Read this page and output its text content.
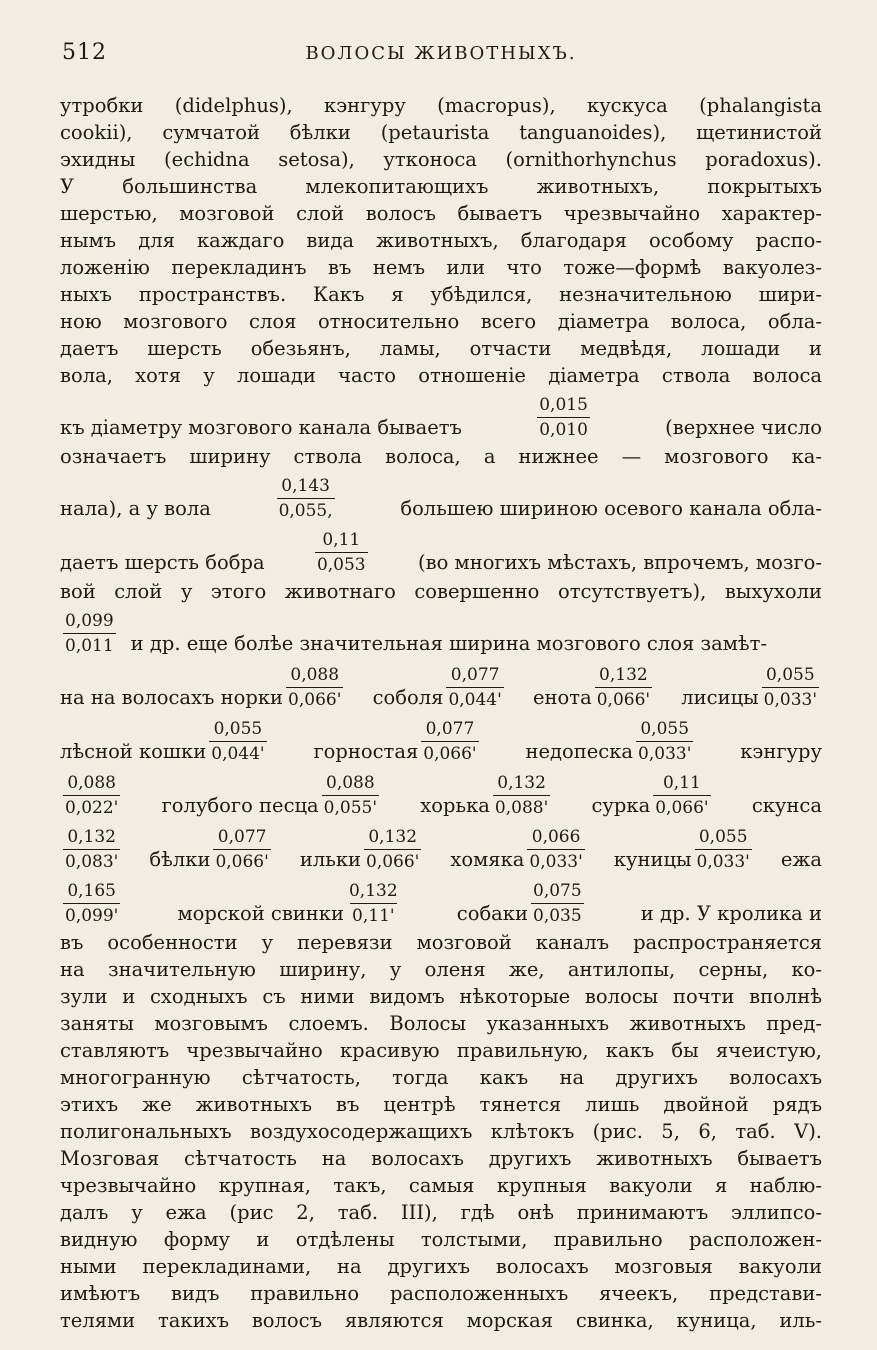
512	ВОЛОСЫ ЖИВОТНЫХЪ.
утробки (didelphus), кэнгуру (macropus), кускуса (phalangista
cookii), сумчатой бѣлки (petaurista tanguanoides), щетинистой
эхидны (echidna setosa), утконоса (ornithorhynchus poradoxus).
У большинства млекопитающихъ животныхъ, покрытыхъ
шерстью, мозговой слой волосъ бываетъ чрезвычайно характер-
нымъ для каждаго вида животныхъ, благодаря особому распо-
ложенію перекладинъ въ немъ или что тоже—формѣ вакуолез-
ныхъ пространствъ. Какъ я убѣдился, незначительною шири-
ною мозгового слоя относительно всего діаметра волоса, обла-
даетъ шерсть обезьянъ, ламы, отчасти медвѣдя, лошади и
вола, хотя у лошади часто отношеніе діаметра ствола волоса
къ діаметру мозгового канала бываетъ	$\frac{0,015}{0,010}$	(верхнее число
означаетъ ширину ствола волоса, а нижнее — мозгового ка-
нала), а у вола	$\frac{0,143}{0,055,}$	большею шириною осевого канала обла-
даетъ шерсть бобра	$\frac{0,11}{0,053}$	(во многихъ мѣстахъ, впрочемъ, мозго-
вой слой у этого животнаго совершенно отсутствуетъ), выхухоли
$\frac{0,099}{0,011}$ и др. еще болѣе значительная ширина мозгового слоя замѣт-
на на волосахъ норки $\frac{0,088}{0,066'}$ соболя $\frac{0,077}{0,044'}$ енота $\frac{0,132}{0,066'}$ лисицы $\frac{0,055}{0,033'}$
лѣсной кошки $\frac{0,055}{0,044'}$ горностая $\frac{0,077}{0,066'}$ недопеска $\frac{0,055}{0,033'}$ кэнгуру
$\frac{0,088}{0,022'}$ голубого песца $\frac{0,088}{0,055'}$ хорька $\frac{0,132}{0,088'}$ сурка $\frac{0,11}{0,066'}$ скунса
$\frac{0,132}{0,083'}$ бѣлки $\frac{0,077}{0,066'}$ ильки $\frac{0,132}{0,066'}$ хомяка $\frac{0,066}{0,033'}$ куницы $\frac{0,055}{0,033'}$ ежа
$\frac{0,165}{0,099'}$	морской свинки $\frac{0,132}{0,11'}$	собаки $\frac{0,075}{0,035}$	и др. У кролика и
въ особенности у перевязи мозговой каналъ распространяется
на значительную ширину, у оленя же, антилопы, серны, ко-
зули и сходныхъ съ ними видомъ нѣкоторые волосы почти вполнѣ
заняты мозговымъ слоемъ. Волосы указанныхъ животныхъ пред-
ставляютъ чрезвычайно красивую правильную, какъ бы ячеистую,
многогранную сѣтчатость, тогда какъ на другихъ волосахъ
этихъ же животныхъ въ центрѣ тянется лишь двойной рядъ
полигональныхъ воздухосодержащихъ клѣтокъ (рис. 5, 6, таб. V).
Мозговая сѣтчатость на волосахъ другихъ животныхъ бываетъ
чрезвычайно крупная, такъ, самыя крупныя вакуоли я наблю-
далъ у ежа (рис 2, таб. III), гдѣ онѣ принимаютъ эллипсо-
видную форму и отдѣлены толстыми, правильно расположен-
ными перекладинами, на другихъ волосахъ мозговыя вакуоли
имѣютъ видъ правильно расположенныхъ ячеекъ, представи-
телями такихъ волосъ являются морская свинка, куница, иль-
